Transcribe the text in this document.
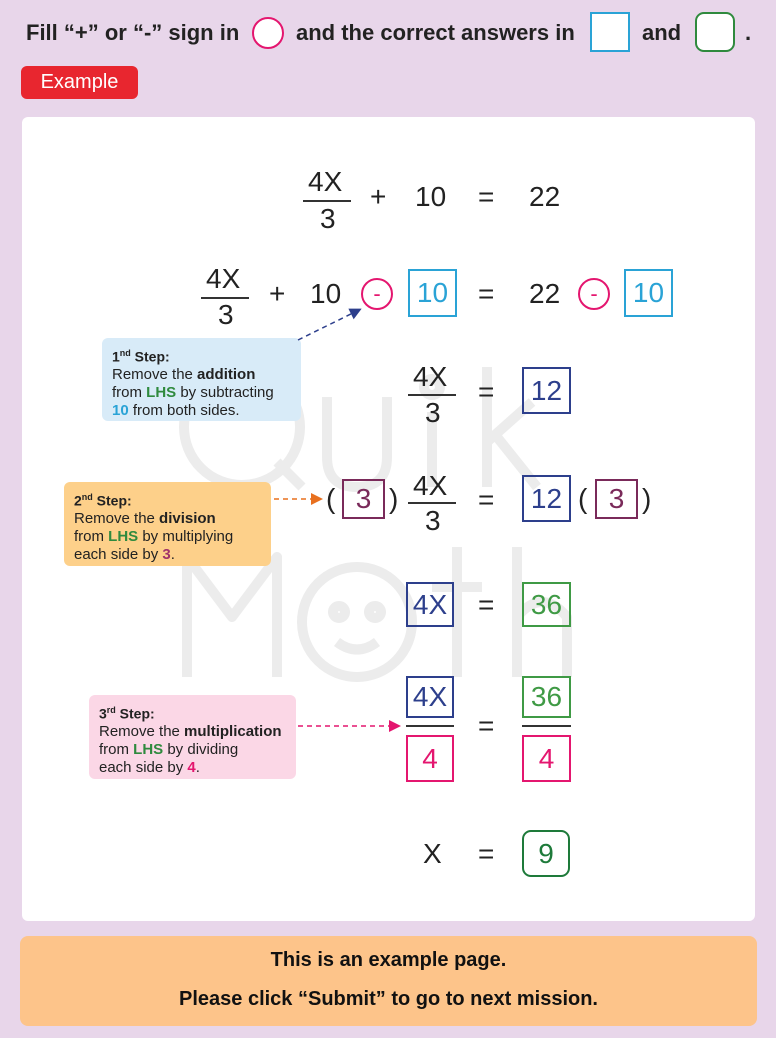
Fill “+” or “-” sign in	and the correct answers in	and	.
Example
4X
3
+ 10 = 22
4X
3
+ 10	-	10	= 22	-	10
4X
3
=	12
( 3 ) 4X
3
=	12 ( 3 )
4X =	36
4X
4
=
36
4
X =	9
1nd Step:
Remove the addition
from LHS by subtracting
10 from both sides.
2nd Step:
Remove the division
from LHS by multiplying
each side by 3.
3rd Step:
Remove the multiplication
from LHS by dividing
each side by 4.
This is an example page.
Please click “Submit” to go to next mission.
